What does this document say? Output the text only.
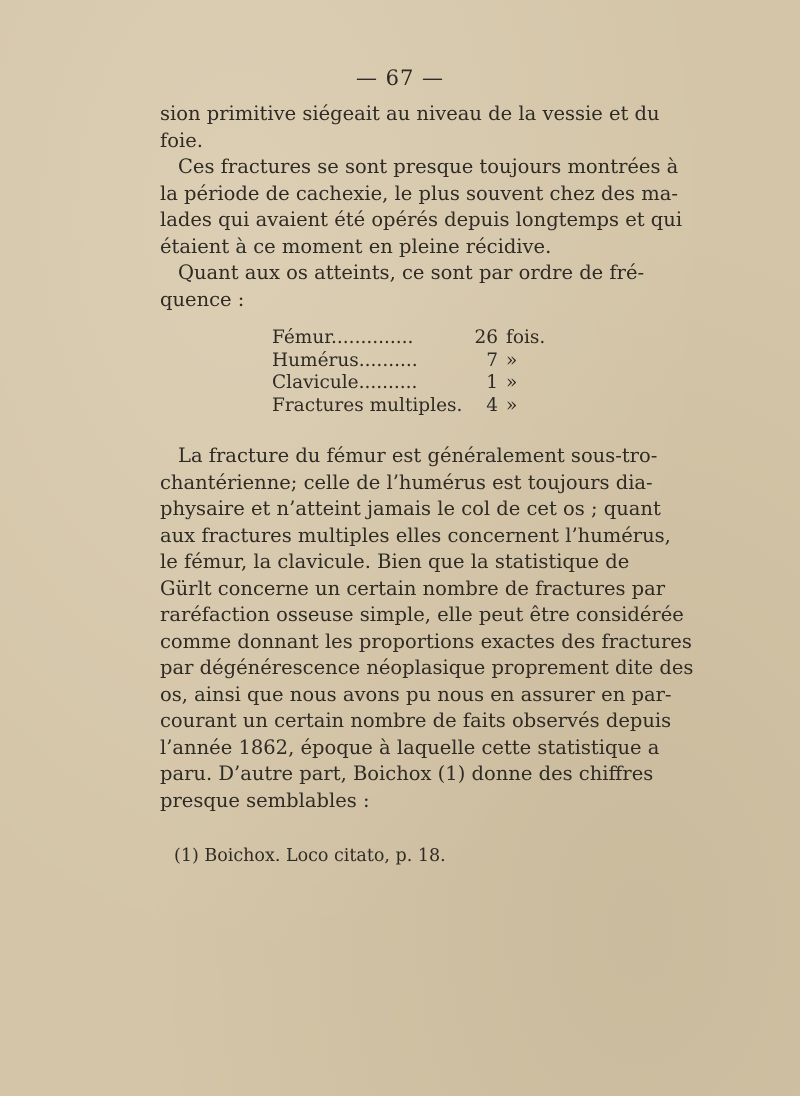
— 67 —
sion primitive siégeait au niveau de la vessie et du
foie.
Ces fractures se sont presque toujours montrées à
la période de cachexie, le plus souvent chez des ma-
lades qui avaient été opérés depuis longtemps et qui
étaient à ce moment en pleine récidive.
Quant aux os atteints, ce sont par ordre de fré-
quence :
Fémur..............	26 fois.
Humérus..........	7 »
Clavicule..........	1 »
Fractures multiples.	4 »
La fracture du fémur est généralement sous-tro-
chantérienne; celle de l’humérus est toujours dia-
physaire et n’atteint jamais le col de cet os ; quant
aux fractures multiples elles concernent l’humérus,
le fémur, la clavicule. Bien que la statistique de
Gürlt concerne un certain nombre de fractures par
raréfaction osseuse simple, elle peut être considérée
comme donnant les proportions exactes des fractures
par dégénérescence néoplasique proprement dite des
os, ainsi que nous avons pu nous en assurer en par-
courant un certain nombre de faits observés depuis
l’année 1862, époque à laquelle cette statistique a
paru. D’autre part, Boichox (1) donne des chiffres
presque semblables :
(1) Boichox. Loco citato, p. 18.
